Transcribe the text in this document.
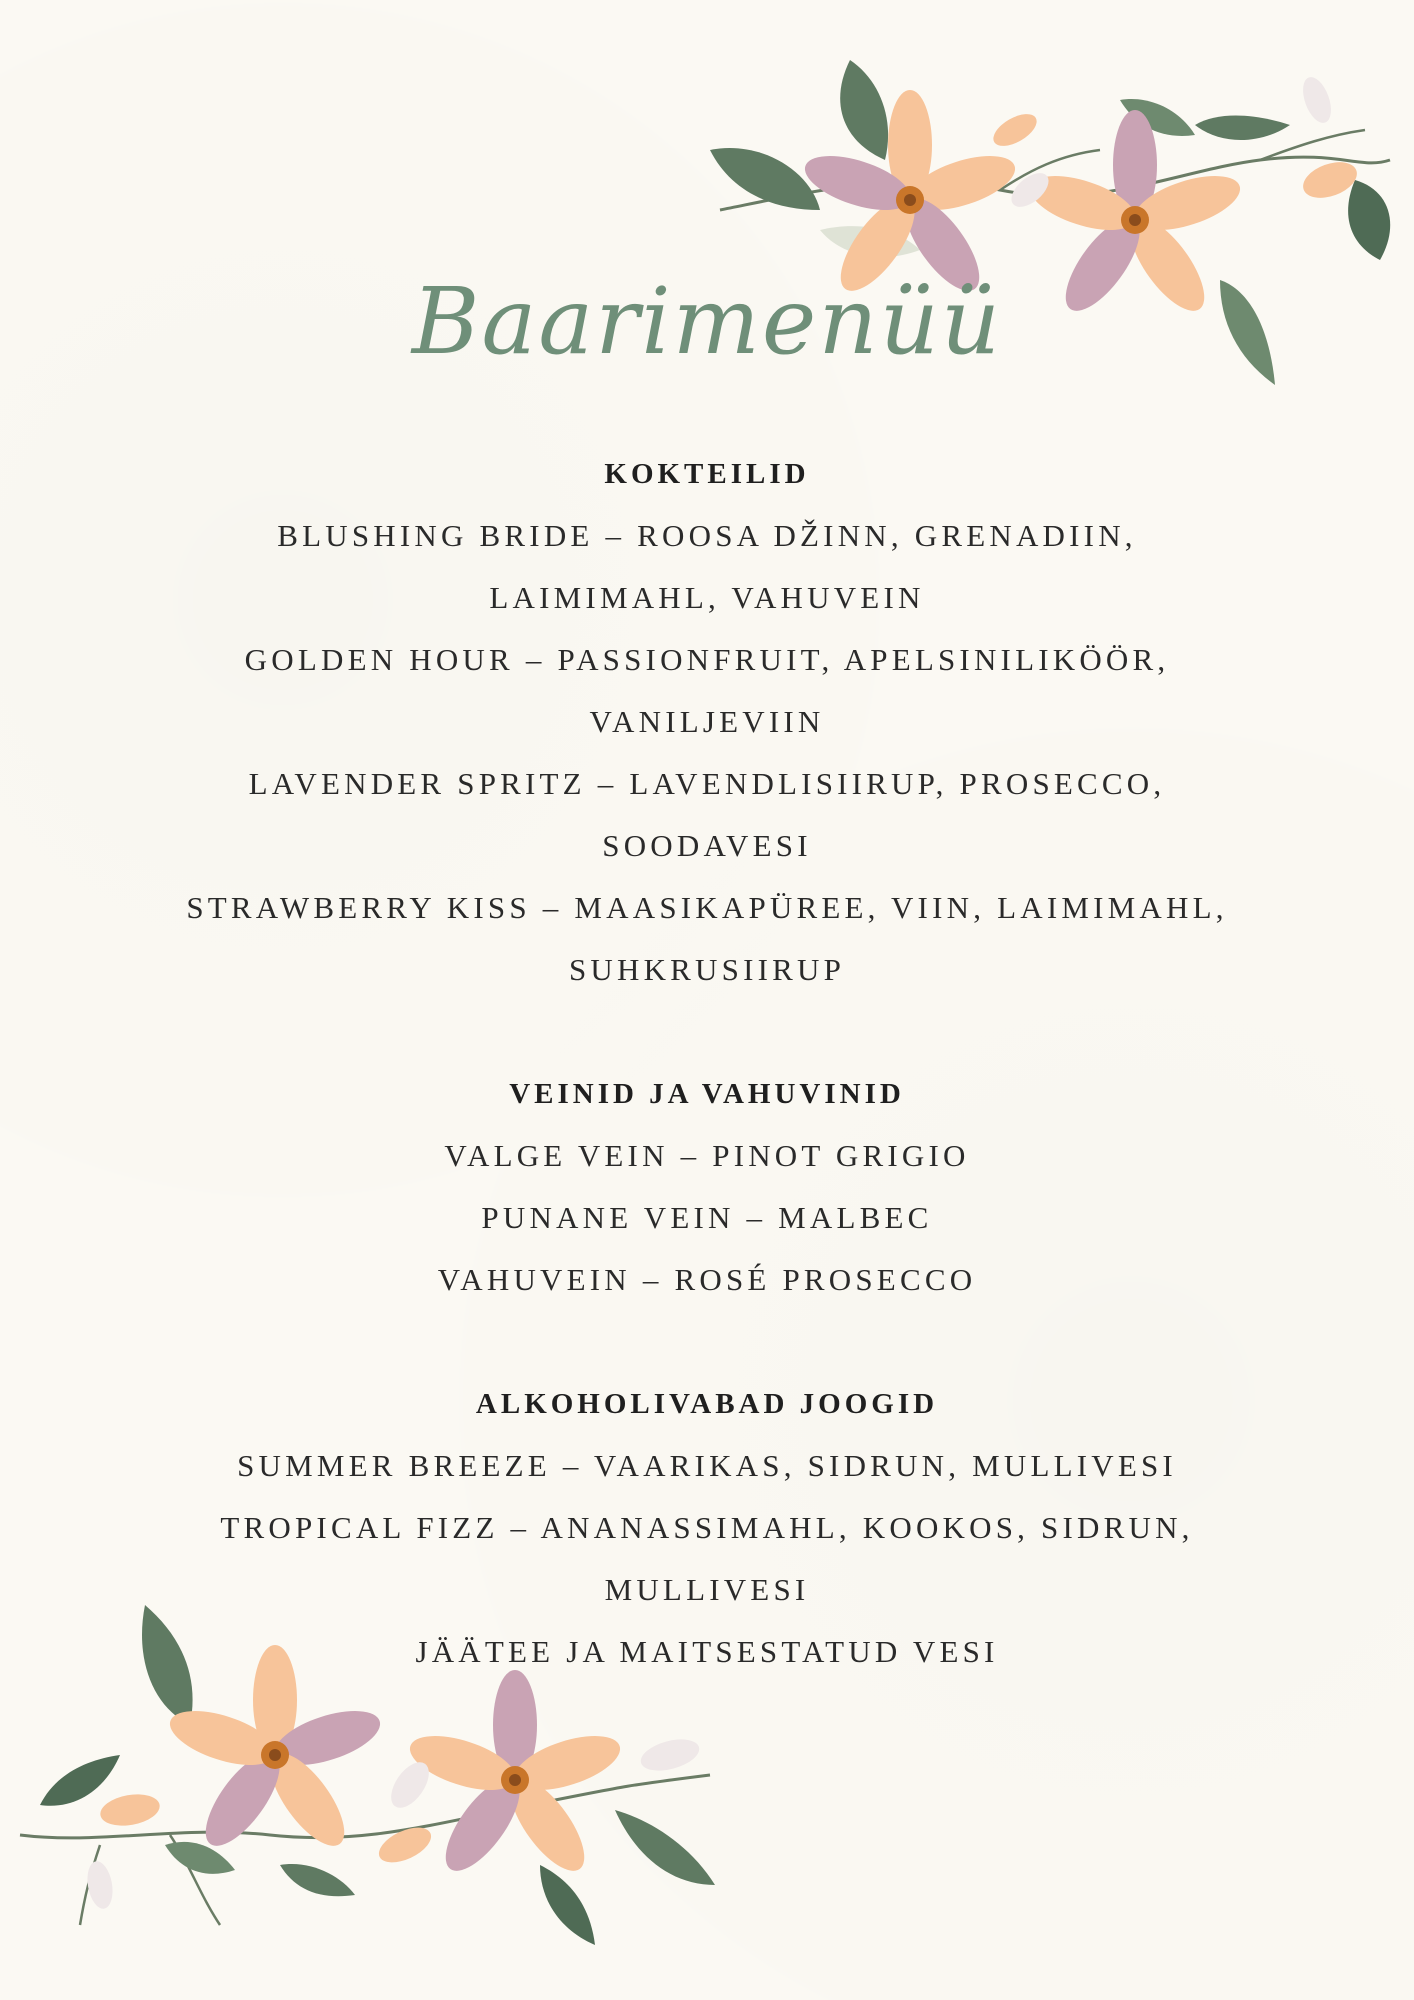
Baarimenüü
KOKTEILID
BLUSHING BRIDE – ROOSA DŽINN, GRENADIIN,
LAIMIMAHL, VAHUVEIN
GOLDEN HOUR – PASSIONFRUIT, APELSINILIKÖÖR,
VANILJEVIIN
LAVENDER SPRITZ – LAVENDLISIIRUP, PROSECCO,
SOODAVESI
STRAWBERRY KISS – MAASIKAPÜREE, VIIN, LAIMIMAHL,
SUHKRUSIIRUP
VEINID JA VAHUVINID
VALGE VEIN – PINOT GRIGIO
PUNANE VEIN – MALBEC
VAHUVEIN – ROSÉ PROSECCO
ALKOHOLIVABAD JOOGID
SUMMER BREEZE – VAARIKAS, SIDRUN, MULLIVESI
TROPICAL FIZZ – ANANASSIMAHL, KOOKOS, SIDRUN,
MULLIVESI
JÄÄTEE JA MAITSESTATUD VESI
